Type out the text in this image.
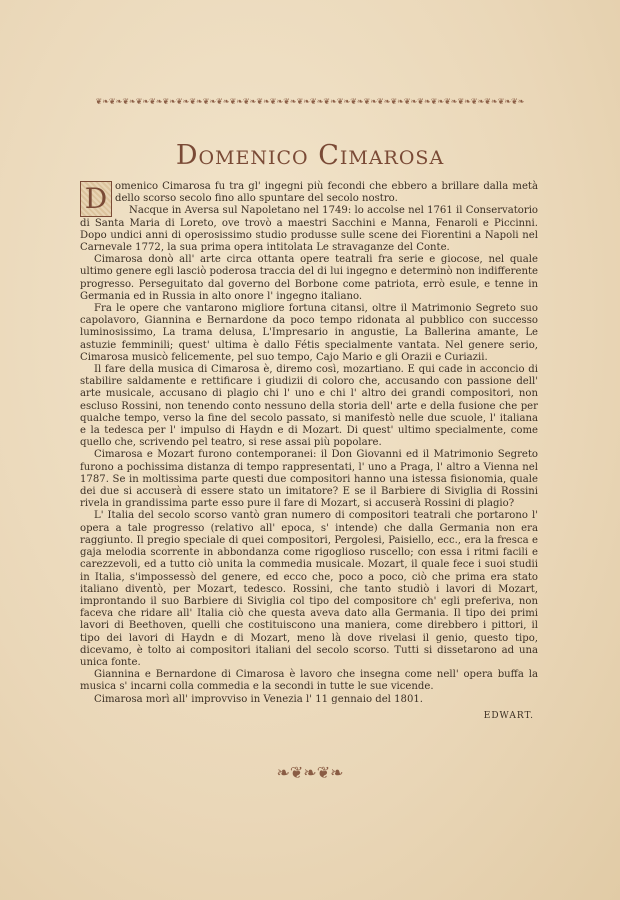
❦❧❦❧❦❧❦❧❦❧❦❧❦❧❦❧❦❧❦❧❦❧❦❧❦❧❦❧❦❧❦❧❦❧❦❧❦❧❦❧❦❧❦❧❦❧❦❧❦❧❦❧❦❧❦❧❦❧❦❧❦❧❦❧
Domenico Cimarosa

D omenico Cimarosa fu tra gl' ingegni più fecondi che ebbero a brillare dalla metà dello scorso secolo fino allo spuntare del secolo nostro.

Nacque in Aversa sul Napoletano nel 1749: lo accolse nel 1761 il Conservatorio di Santa Maria di Loreto, ove trovò a maestri Sacchini e Manna, Fenaroli e Piccinni. Dopo undici anni di operosissimo studio produsse sulle scene dei Fiorentini a Napoli nel Carnevale 1772, la sua prima opera intitolata Le stravaganze del Conte.

Cimarosa donò all' arte circa ottanta opere teatrali fra serie e giocose, nel quale ultimo genere egli lasciò poderosa traccia del di lui ingegno e determinò non indifferente progresso. Perseguitato dal governo del Borbone come patriota, errò esule, e tenne in Germania ed in Russia in alto onore l' ingegno italiano.

Fra le opere che vantarono migliore fortuna citansi, oltre il Matrimonio Segreto suo capolavoro, Giannina e Bernardone da poco tempo ridonata al pubblico con successo luminosissimo, La trama delusa, L'Impresario in angustie, La Ballerina amante, Le astuzie femminili; quest' ultima è dallo Fétis specialmente vantata. Nel genere serio, Cimarosa musicò felicemente, pel suo tempo, Cajo Mario e gli Orazii e Curiazii.

Il fare della musica di Cimarosa è, diremo così, mozartiano. E qui cade in acconcio di stabilire saldamente e rettificare i giudizii di coloro che, accusando con passione dell' arte musicale, accusano di plagio chi l' uno e chi l' altro dei grandi compositori, non escluso Rossini, non tenendo conto nessuno della storia dell' arte e della fusione che per qualche tempo, verso la fine del secolo passato, si manifestò nelle due scuole, l' italiana e la tedesca per l' impulso di Haydn e di Mozart. Di quest' ultimo specialmente, come quello che, scrivendo pel teatro, si rese assai più popolare.

Cimarosa e Mozart furono contemporanei: il Don Giovanni ed il Matrimonio Segreto furono a pochissima distanza di tempo rappresentati, l' uno a Praga, l' altro a Vienna nel 1787. Se in moltissima parte questi due compositori hanno una istessa fisionomia, quale dei due si accuserà di essere stato un imitatore? E se il Barbiere di Siviglia di Rossini rivela in grandissima parte esso pure il fare di Mozart, si accuserà Rossini di plagio?

L' Italia del secolo scorso vantò gran numero di compositori teatrali che portarono l' opera a tale progresso (relativo all' epoca, s' intende) che dalla Germania non era raggiunto. Il pregio speciale di quei compositori, Pergolesi, Paisiello, ecc., era la fresca e gaja melodia scorrente in abbondanza come rigoglioso ruscello; con essa i ritmi facili e carezzevoli, ed a tutto ciò unita la commedia musicale. Mozart, il quale fece i suoi studii in Italia, s'impossessò del genere, ed ecco che, poco a poco, ciò che prima era stato italiano diventò, per Mozart, tedesco. Rossini, che tanto studiò i lavori di Mozart, improntando il suo Barbiere di Siviglia col tipo del compositore ch' egli preferiva, non faceva che ridare all' Italia ciò che questa aveva dato alla Germania. Il tipo dei primi lavori di Beethoven, quelli che costituiscono una maniera, come direbbero i pittori, il tipo dei lavori di Haydn e di Mozart, meno là dove rivelasi il genio, questo tipo, dicevamo, è tolto ai compositori italiani del secolo scorso. Tutti si dissetarono ad una unica fonte.

Giannina e Bernardone di Cimarosa è lavoro che insegna come nell' opera buffa la musica s' incarni colla commedia e la secondi in tutte le sue vicende.

Cimarosa morì all' improvviso in Venezia l' 11 gennaio del 1801.

EDWART.
❧❦❧❦❧
